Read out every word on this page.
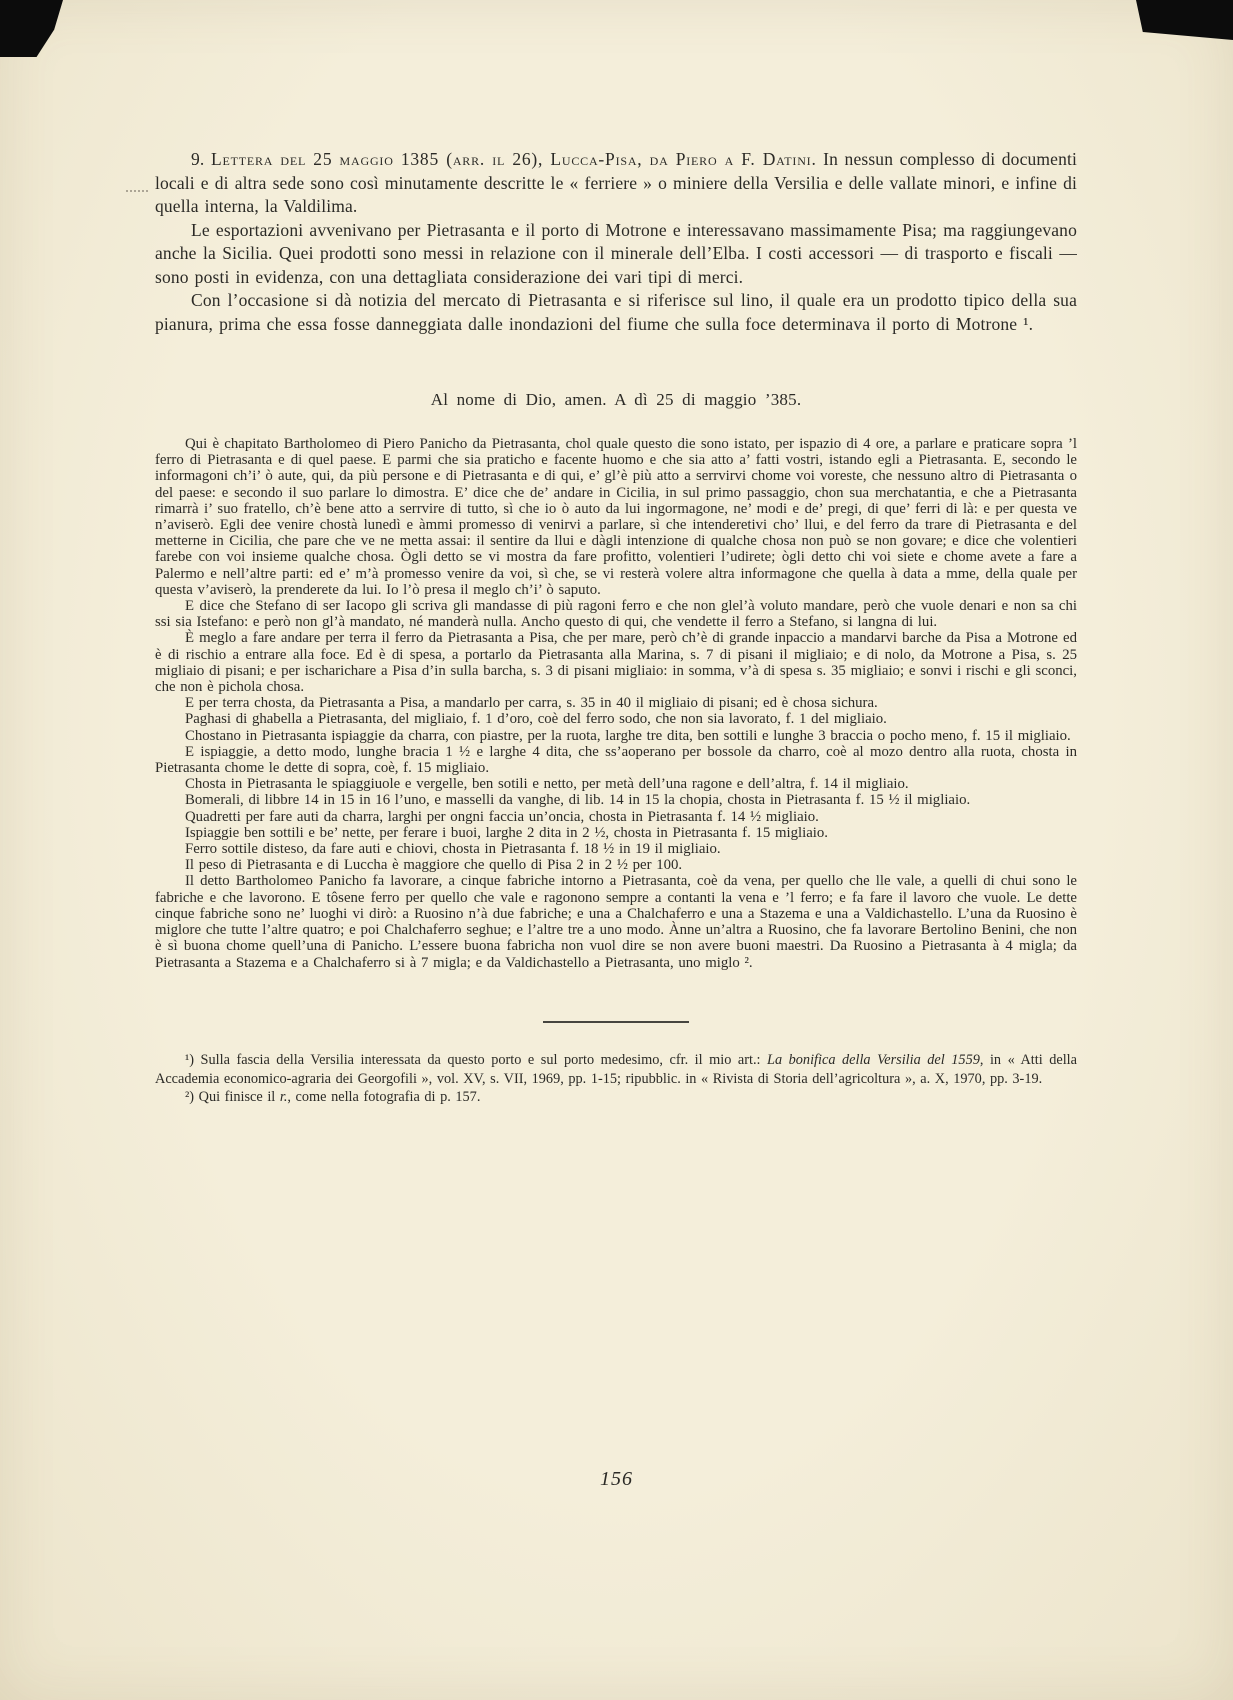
9. Lettera del 25 maggio 1385 (arr. il 26), Lucca-Pisa, da Piero a F. Datini. In nessun complesso di documenti locali e di altra sede sono così minutamente descritte le « ferriere » o miniere della Versilia e delle vallate minori, e infine di quella interna, la Valdilima.

Le esportazioni avvenivano per Pietrasanta e il porto di Motrone e interessavano massimamente Pisa; ma raggiungevano anche la Sicilia. Quei prodotti sono messi in relazione con il minerale dell’Elba. I costi accessori — di trasporto e fiscali — sono posti in evidenza, con una dettagliata considerazione dei vari tipi di merci.

Con l’occasione si dà notizia del mercato di Pietrasanta e si riferisce sul lino, il quale era un prodotto tipico della sua pianura, prima che essa fosse danneggiata dalle inondazioni del fiume che sulla foce determinava il porto di Motrone ¹.

Al nome di Dio, amen. A dì 25 di maggio ’385.

Qui è chapitato Bartholomeo di Piero Panicho da Pietrasanta, chol quale questo die sono istato, per ispazio di 4 ore, a parlare e praticare sopra ’l ferro di Pietrasanta e di quel paese. E parmi che sia praticho e facente huomo e che sia atto a’ fatti vostri, istando egli a Pietrasanta. E, secondo le informagoni ch’i’ ò aute, qui, da più persone e di Pietrasanta e di qui, e’ gl’è più atto a serrvirvi chome voi voreste, che nessuno altro di Pietrasanta o del paese: e secondo il suo parlare lo dimostra. E’ dice che de’ andare in Cicilia, in sul primo passaggio, chon sua merchatantia, e che a Pietrasanta rimarrà i’ suo fratello, ch’è bene atto a serrvire di tutto, sì che io ò auto da lui ingormagone, ne’ modi e de’ pregi, di que’ ferri di là: e per questa ve n’aviserò. Egli dee venire chostà lunedì e àmmi promesso di venirvi a parlare, sì che intenderetivi cho’ llui, e del ferro da trare di Pietrasanta e del metterne in Cicilia, che pare che ve ne metta assai: il sentire da llui e dàgli intenzione di qualche chosa non può se non govare; e dice che volentieri farebe con voi insieme qualche chosa. Ògli detto se vi mostra da fare profitto, volentieri l’udirete; ògli detto chi voi siete e chome avete a fare a Palermo e nell’altre parti: ed e’ m’à promesso venire da voi, sì che, se vi resterà volere altra informagone che quella à data a mme, della quale per questa v’aviserò, la prenderete da lui. Io l’ò presa il meglo ch’i’ ò saputo.

E dice che Stefano di ser Iacopo gli scriva gli mandasse di più ragoni ferro e che non glel’à voluto mandare, però che vuole denari e non sa chi ssi sia Istefano: e però non gl’à mandato, né manderà nulla. Ancho questo di qui, che vendette il ferro a Stefano, si langna di lui.

È meglo a fare andare per terra il ferro da Pietrasanta a Pisa, che per mare, però ch’è di grande inpaccio a mandarvi barche da Pisa a Motrone ed è di rischio a entrare alla foce. Ed è di spesa, a portarlo da Pietrasanta alla Marina, s. 7 di pisani il migliaio; e di nolo, da Motrone a Pisa, s. 25 migliaio di pisani; e per ischarichare a Pisa d’in sulla barcha, s. 3 di pisani migliaio: in somma, v’à di spesa s. 35 migliaio; e sonvi i rischi e gli sconci, che non è pichola chosa.

E per terra chosta, da Pietrasanta a Pisa, a mandarlo per carra, s. 35 in 40 il migliaio di pisani; ed è chosa sichura.

Paghasi di ghabella a Pietrasanta, del migliaio, f. 1 d’oro, coè del ferro sodo, che non sia lavorato, f. 1 del migliaio.

Chostano in Pietrasanta ispiaggie da charra, con piastre, per la ruota, larghe tre dita, ben sottili e lunghe 3 braccia o pocho meno, f. 15 il migliaio.

E ispiaggie, a detto modo, lunghe bracia 1 ½ e larghe 4 dita, che ss’aoperano per bossole da charro, coè al mozo dentro alla ruota, chosta in Pietrasanta chome le dette di sopra, coè, f. 15 migliaio.

Chosta in Pietrasanta le spiaggiuole e vergelle, ben sotili e netto, per metà dell’una ragone e dell’altra, f. 14 il migliaio.

Bomerali, di libbre 14 in 15 in 16 l’uno, e masselli da vanghe, di lib. 14 in 15 la chopia, chosta in Pietrasanta f. 15 ½ il migliaio.

Quadretti per fare auti da charra, larghi per ongni faccia un’oncia, chosta in Pietrasanta f. 14 ½ migliaio.

Ispiaggie ben sottili e be’ nette, per ferare i buoi, larghe 2 dita in 2 ½, chosta in Pietrasanta f. 15 migliaio.

Ferro sottile disteso, da fare auti e chiovi, chosta in Pietrasanta f. 18 ½ in 19 il migliaio.

Il peso di Pietrasanta e di Luccha è maggiore che quello di Pisa 2 in 2 ½ per 100.

Il detto Bartholomeo Panicho fa lavorare, a cinque fabriche intorno a Pietrasanta, coè da vena, per quello che lle vale, a quelli di chui sono le fabriche e che lavorono. E tôsene ferro per quello che vale e ragonono sempre a contanti la vena e ’l ferro; e fa fare il lavoro che vuole. Le dette cinque fabriche sono ne’ luoghi vi dirò: a Ruosino n’à due fabriche; e una a Chalchaferro e una a Stazema e una a Valdichastello. L’una da Ruosino è miglore che tutte l’altre quatro; e poi Chalchaferro seghue; e l’altre tre a uno modo. Ànne un’altra a Ruosino, che fa lavorare Bertolino Benini, che non è sì buona chome quell’una di Panicho. L’essere buona fabricha non vuol dire se non avere buoni maestri. Da Ruosino a Pietrasanta à 4 migla; da Pietrasanta a Stazema e a Chalchaferro si à 7 migla; e da Valdichastello a Pietrasanta, uno miglo ².

¹) Sulla fascia della Versilia interessata da questo porto e sul porto medesimo, cfr. il mio art.: La bonifica della Versilia del 1559, in « Atti della Accademia economico-agraria dei Georgofili », vol. XV, s. VII, 1969, pp. 1-15; ripubblic. in « Rivista di Storia dell’agricoltura », a. X, 1970, pp. 3-19.

²) Qui finisce il r., come nella fotografia di p. 157.

156
